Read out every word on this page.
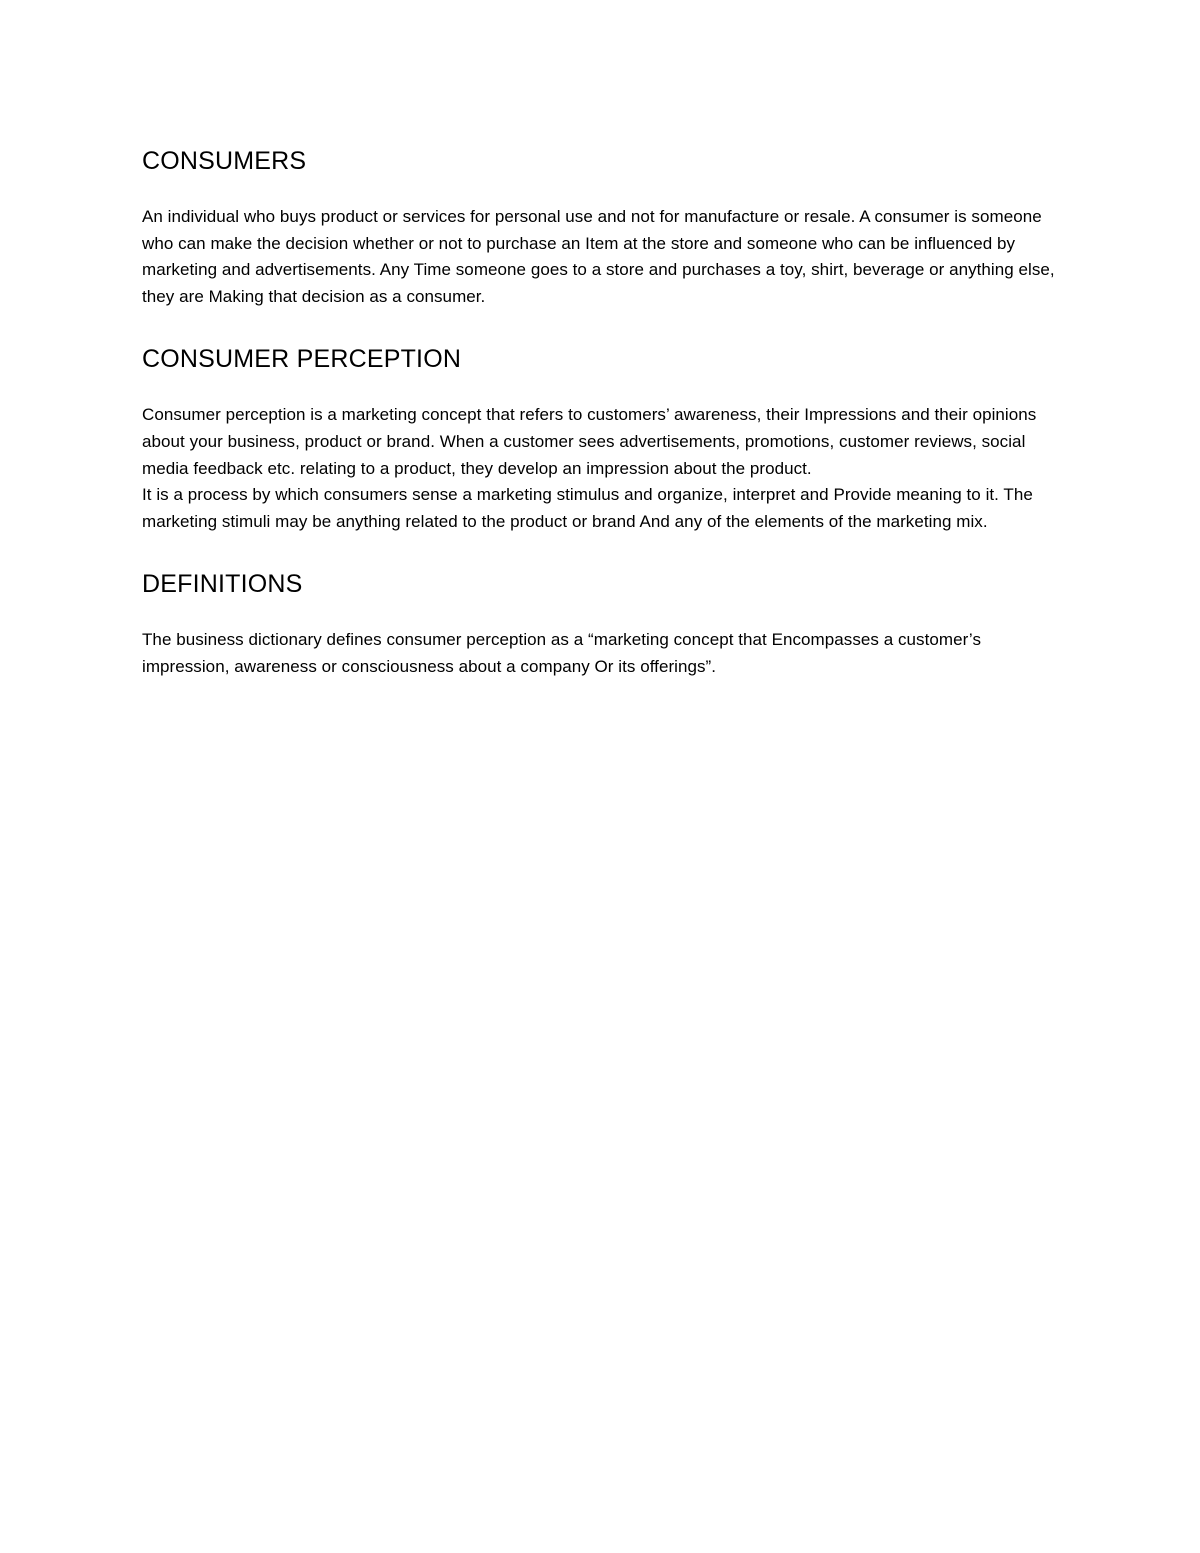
CONSUMERS

An individual who buys product or services for personal use and not for manufacture or resale. A consumer is someone who can make the decision whether or not to purchase an Item at the store and someone who can be influenced by marketing and advertisements. Any Time someone goes to a store and purchases a toy, shirt, beverage or anything else, they are Making that decision as a consumer.

CONSUMER PERCEPTION

Consumer perception is a marketing concept that refers to customers’ awareness, their Impressions and their opinions about your business, product or brand. When a customer sees advertisements, promotions, customer reviews, social media feedback etc. relating to a product, they develop an impression about the product.

It is a process by which consumers sense a marketing stimulus and organize, interpret and Provide meaning to it. The marketing stimuli may be anything related to the product or brand And any of the elements of the marketing mix.

DEFINITIONS

The business dictionary defines consumer perception as a “marketing concept that Encompasses a customer’s impression, awareness or consciousness about a company Or its offerings”.
